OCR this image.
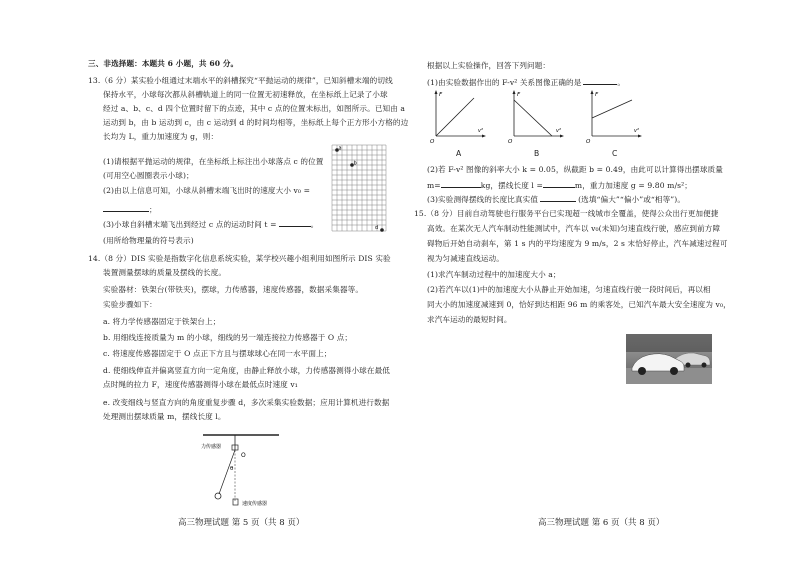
三、非选择题：本题共 6 小题，共 60 分。
13.（6 分）某实验小组通过末端水平的斜槽探究“平抛运动的规律”，已知斜槽末端的切线
保持水平，小球每次都从斜槽轨道上的同一位置无初速释放，在坐标纸上记录了小球
经过 a、b、c、d 四个位置时留下的点迹，其中 c 点的位置未标出，如图所示。已知由 a
运动到 b，由 b 运动到 c，由 c 运动到 d 的时间均相等，坐标纸上每个正方形小方格的边
长均为 L，重力加速度为 g，则：
(1)请根据平抛运动的规律，在坐标纸上标注出小球落点 c 的位置
(可用空心圆圈表示小球)；
(2)由以上信息可知，小球从斜槽末端飞出时的速度大小 v₀ =
；
(3)小球自斜槽末端飞出到经过 c 点的运动时间 t =	。
(用所给物理量的符号表示)
a
b
d
14.（8 分）DIS 实验是指数字化信息系统实验，某学校兴趣小组利用如图所示 DIS 实验
装置测量摆球的质量及摆线的长度。
实验器材：铁架台(带铁夹)，摆球，力传感器，速度传感器，数据采集器等。
实验步骤如下：
a. 将力学传感器固定于铁架台上；
b. 用细线连接质量为 m 的小球，细线的另一端连接拉力传感器于 O 点；
c. 将速度传感器固定于 O 点正下方且与摆球球心在同一水平面上；
d. 使细线伸直并偏离竖直方向一定角度，由静止释放小球，力传感器测得小球在最低
点时绳的拉力 F，速度传感器测得小球在最低点时速度 v₁
e. 改变细线与竖直方向的角度重复步骤 d，多次采集实验数据；应用计算机进行数据
处理测出摆球质量 m，摆线长度 l。
力传感器
O
θ
速度传感器
高三物理试题 第 5 页（共 8 页）
根据以上实验操作，回答下列问题：
(1)由实验数据作出的 F-v² 关系图像正确的是	。
F
v²
O
A
F
v²
O
B
F
v²
O
C
(2)若 F-v² 图像的斜率大小 k = 0.05，纵截距 b = 0.49，由此可以计算得出摆球质量
m=	kg，摆线长度 l =	m，重力加速度 g = 9.80 m/s²；
(3)实验测得摆线的长度比真实值	(选填“偏大”“偏小”或“相等”)。
15.（8 分）目前自动驾驶也行服务平台已实现超一线城市全覆盖，使得公众出行更加便捷
高效。在某次无人汽车制动性能测试中，汽车以 v₀(未知)匀速直线行驶，感应到前方障
碍物后开始自动刹车，第 1 s 内的平均速度为 9 m/s，2 s 末恰好停止，汽车减速过程可
视为匀减速直线运动。
(1)求汽车制动过程中的加速度大小 a；
(2)若汽车以(1)中的加速度大小从静止开始加速，匀速直线行驶一段时间后，再以相
同大小的加速度减速到 0，恰好到达相距 96 m 的乘客处，已知汽车最大安全速度为 v₀，
求汽车运动的最短时间。
高三物理试题 第 6 页（共 8 页）
